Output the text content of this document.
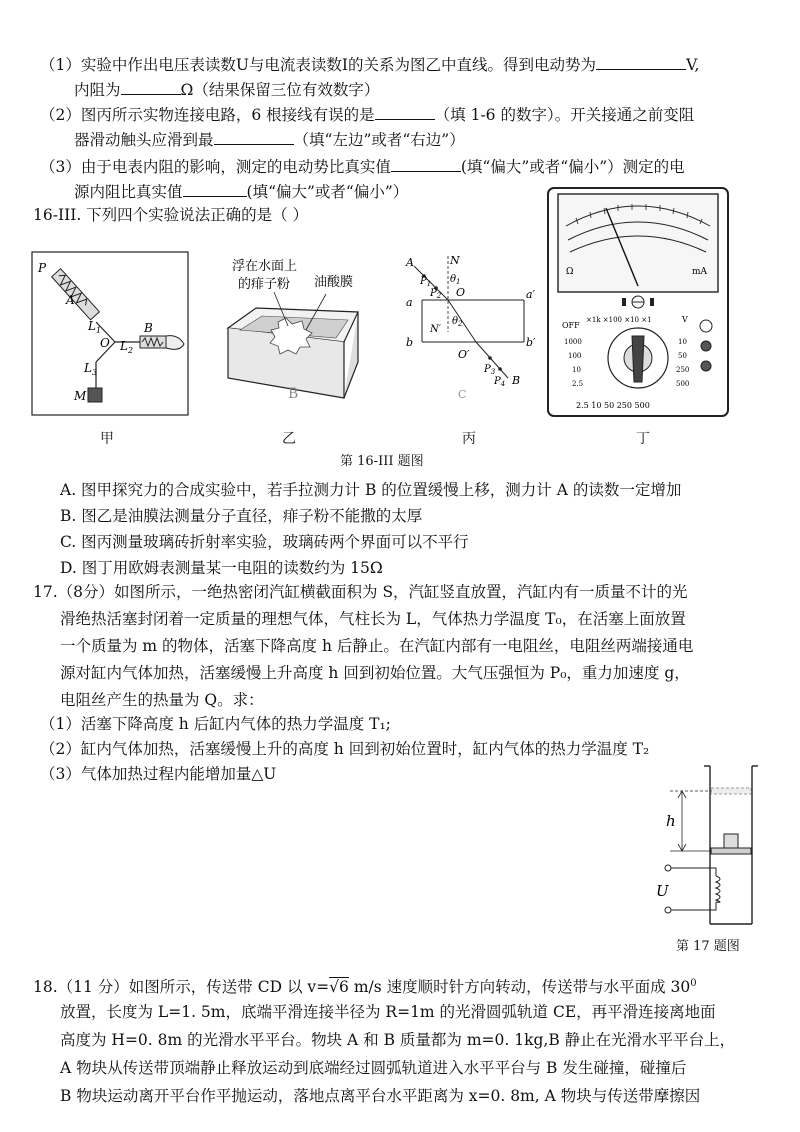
（1）实验中作出电压表读数U与电流表读数I的关系为图乙中直线。得到电动势为	V,
内阻为	Ω（结果保留三位有效数字）
（2）图丙所示实物连接电路，6 根接线有误的是	（填 1-6 的数字）。开关接通之前变阻
器滑动触头应滑到最	（填“左边”或者“右边”）
（3）由于电表内阻的影响，测定的电动势比真实值	(填“偏大”或者“偏小”）测定的电
源内阻比真实值	(填“偏大”或者“偏小”）
16-III. 下列四个实验说法正确的是（ ）
P
A
$L_1$
O $L_2$
B
$L_3$
M
浮在水面上
的痱子粉 油酸膜
B
A	N
$P_1$
$P_2$
$\theta_1$
O
a
a′
N′
$\theta_2$
b	b′
O′
$P_3$
$P_4$ B
C
Ω	mA
OFF
×1k ×100 ×10 ×1	V
1000
100
10
2.5
10
50
250
500
2.5 10 50 250 500
甲	乙	丙	丁
第 16-III 题图
A. 图甲探究力的合成实验中，若手拉测力计 B 的位置缓慢上移，测力计 A 的读数一定增加
B. 图乙是油膜法测量分子直径，痱子粉不能撒的太厚
C. 图丙测量玻璃砖折射率实验，玻璃砖两个界面可以不平行
D. 图丁用欧姆表测量某一电阻的读数约为 15Ω
17.（8分）如图所示，一绝热密闭汽缸横截面积为 S，汽缸竖直放置，汽缸内有一质量不计的光
滑绝热活塞封闭着一定质量的理想气体，气柱长为 L，气体热力学温度 T₀，在活塞上面放置
一个质量为 m 的物体，活塞下降高度 h 后静止。在汽缸内部有一电阻丝，电阻丝两端接通电
源对缸内气体加热，活塞缓慢上升高度 h 回到初始位置。大气压强恒为 P₀，重力加速度 g，
电阻丝产生的热量为 Q。求：
（1）活塞下降高度 h 后缸内气体的热力学温度 T₁;
（2）缸内气体加热，活塞缓慢上升的高度 h 回到初始位置时，缸内气体的热力学温度 T₂
（3）气体加热过程内能增加量△U
h
U
第 17 题图
18.（11 分）如图所示，传送带 CD 以 v=√6 m/s 速度顺时针方向转动，传送带与水平面成 $30^0$
放置，长度为 L=1. 5m，底端平滑连接半径为 R=1m 的光滑圆弧轨道 CE，再平滑连接离地面
高度为 H=0. 8m 的光滑水平平台。物块 A 和 B 质量都为 m=0. 1kg,B 静止在光滑水平平台上，
A 物块从传送带顶端静止释放运动到底端经过圆弧轨道进入水平平台与 B 发生碰撞，碰撞后
B 物块运动离开平台作平抛运动，落地点离平台水平距离为 x=0. 8m, A 物块与传送带摩擦因
